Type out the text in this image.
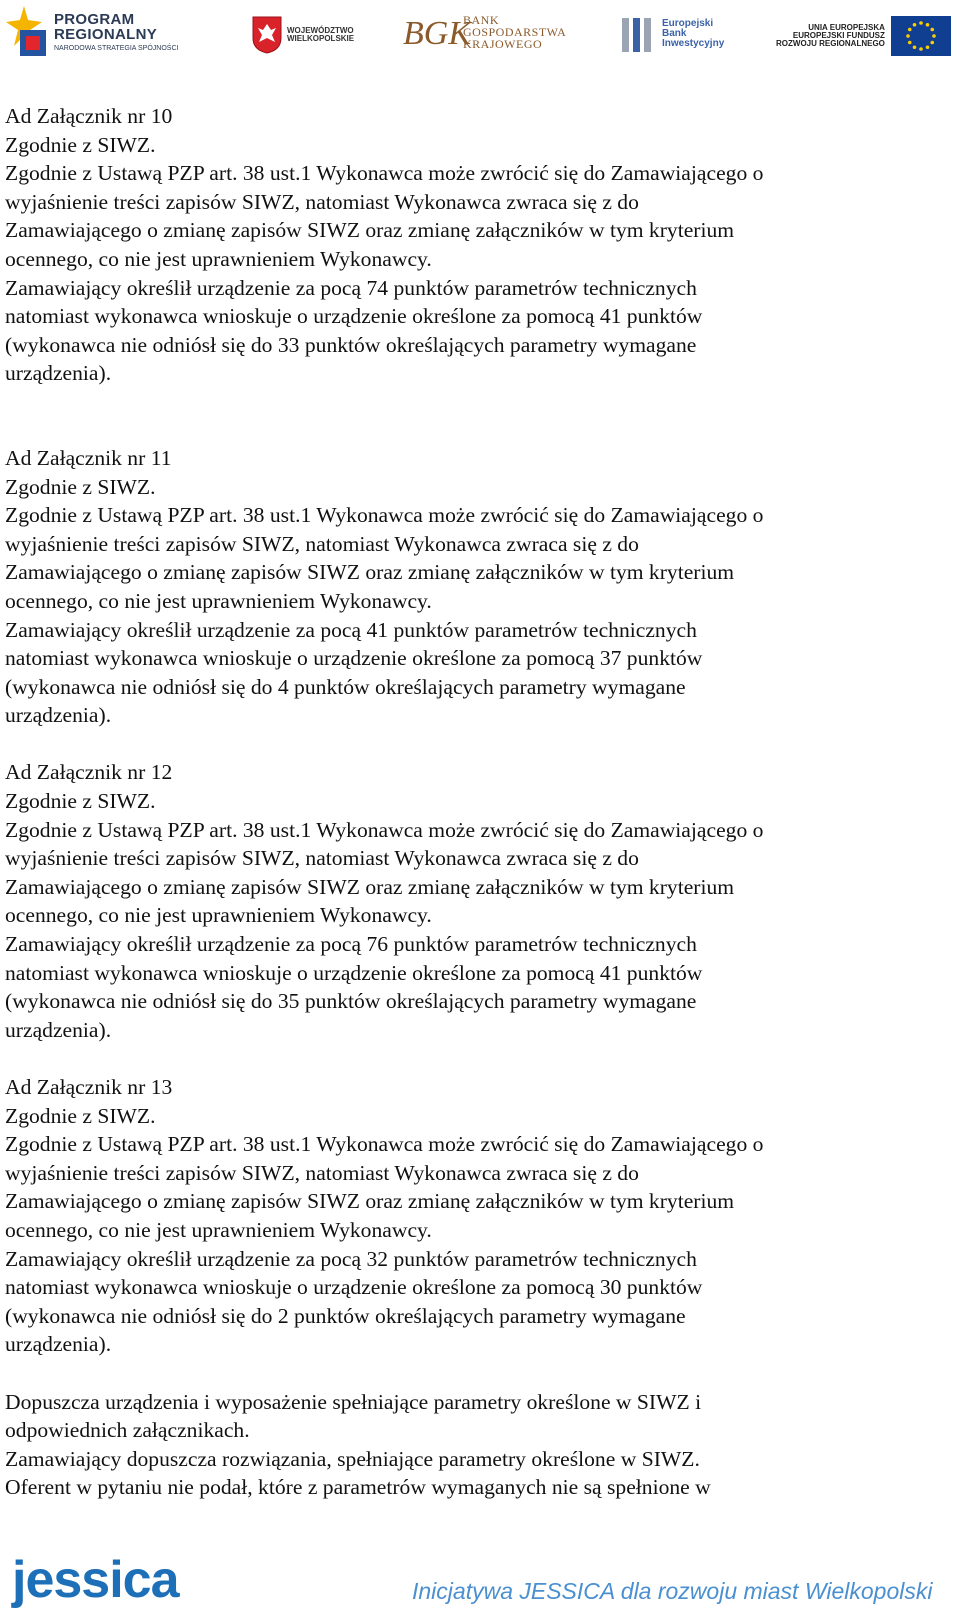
PROGRAM
REGIONALNY
NARODOWA STRATEGIA SPÓJNOŚCI
WOJEWÓDZTWO
WIELKOPOLSKIE BGK
BANK
GOSPODARSTWA
KRAJOWEGO
Europejski
Bank
Inwestycyjny
UNIA EUROPEJSKA
EUROPEJSKI FUNDUSZ
ROZWOJU REGIONALNEGO
Ad Załącznik nr 10
Zgodnie z SIWZ.
Zgodnie z Ustawą PZP art. 38 ust.1 Wykonawca może zwrócić się do Zamawiającego o
wyjaśnienie treści zapisów SIWZ, natomiast Wykonawca zwraca się z do
Zamawiającego o zmianę zapisów SIWZ oraz zmianę załączników w tym kryterium
ocennego, co nie jest uprawnieniem Wykonawcy.
Zamawiający określił urządzenie za pocą 74 punktów parametrów technicznych
natomiast wykonawca wnioskuje o urządzenie określone za pomocą 41 punktów
(wykonawca nie odniósł się do 33 punktów określających parametry wymagane
urządzenia).
Ad Załącznik nr 11
Zgodnie z SIWZ.
Zgodnie z Ustawą PZP art. 38 ust.1 Wykonawca może zwrócić się do Zamawiającego o
wyjaśnienie treści zapisów SIWZ, natomiast Wykonawca zwraca się z do
Zamawiającego o zmianę zapisów SIWZ oraz zmianę załączników w tym kryterium
ocennego, co nie jest uprawnieniem Wykonawcy.
Zamawiający określił urządzenie za pocą 41 punktów parametrów technicznych
natomiast wykonawca wnioskuje o urządzenie określone za pomocą 37 punktów
(wykonawca nie odniósł się do 4 punktów określających parametry wymagane
urządzenia).
Ad Załącznik nr 12
Zgodnie z SIWZ.
Zgodnie z Ustawą PZP art. 38 ust.1 Wykonawca może zwrócić się do Zamawiającego o
wyjaśnienie treści zapisów SIWZ, natomiast Wykonawca zwraca się z do
Zamawiającego o zmianę zapisów SIWZ oraz zmianę załączników w tym kryterium
ocennego, co nie jest uprawnieniem Wykonawcy.
Zamawiający określił urządzenie za pocą 76 punktów parametrów technicznych
natomiast wykonawca wnioskuje o urządzenie określone za pomocą 41 punktów
(wykonawca nie odniósł się do 35 punktów określających parametry wymagane
urządzenia).
Ad Załącznik nr 13
Zgodnie z SIWZ.
Zgodnie z Ustawą PZP art. 38 ust.1 Wykonawca może zwrócić się do Zamawiającego o
wyjaśnienie treści zapisów SIWZ, natomiast Wykonawca zwraca się z do
Zamawiającego o zmianę zapisów SIWZ oraz zmianę załączników w tym kryterium
ocennego, co nie jest uprawnieniem Wykonawcy.
Zamawiający określił urządzenie za pocą 32 punktów parametrów technicznych
natomiast wykonawca wnioskuje o urządzenie określone za pomocą 30 punktów
(wykonawca nie odniósł się do 2 punktów określających parametry wymagane
urządzenia).
Dopuszcza urządzenia i wyposażenie spełniające parametry określone w SIWZ i
odpowiednich załącznikach.
Zamawiający dopuszcza rozwiązania, spełniające parametry określone w SIWZ.
Oferent w pytaniu nie podał, które z parametrów wymaganych nie są spełnione w
jessica	Inicjatywa JESSICA dla rozwoju miast Wielkopolski
